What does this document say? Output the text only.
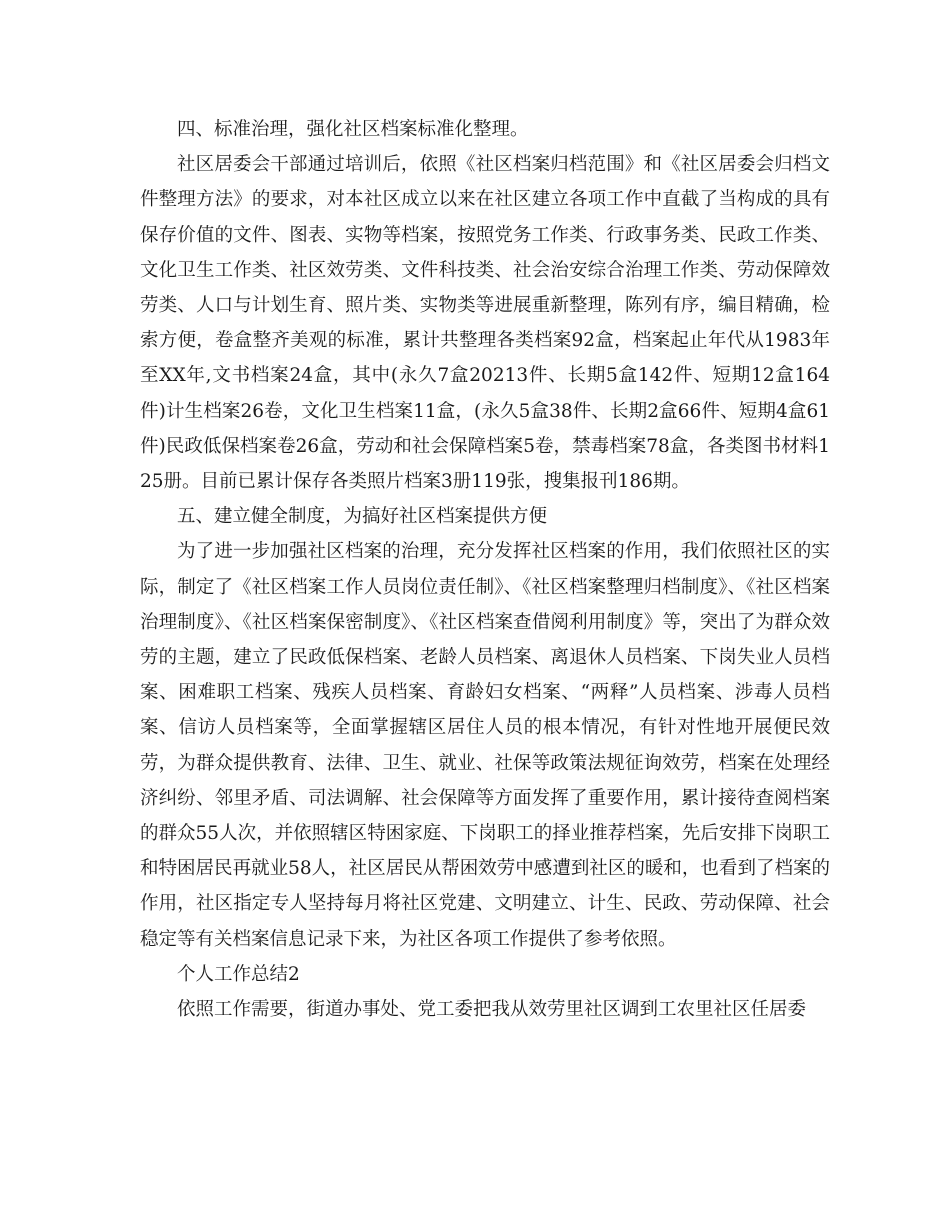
四、标准治理，强化社区档案标准化整理。

社区居委会干部通过培训后，依照《社区档案归档范围》和《社区居委会归档文件整理方法》的要求，对本社区成立以来在社区建立各项工作中直截了当构成的具有保存价值的文件、图表、实物等档案，按照党务工作类、行政事务类、民政工作类、文化卫生工作类、社区效劳类、文件科技类、社会治安综合治理工作类、劳动保障效劳类、人口与计划生育、照片类、实物类等进展重新整理，陈列有序，编目精确，检索方便，卷盒整齐美观的标准，累计共整理各类档案92盒，档案起止年代从1983年至XX年,文书档案24盒，其中(永久7盒20213件、长期5盒142件、短期12盒164件)计生档案26卷，文化卫生档案11盒，(永久5盒38件、长期2盒66件、短期4盒61件)民政低保档案卷26盒，劳动和社会保障档案5卷，禁毒档案78盒，各类图书材料125册。目前已累计保存各类照片档案3册119张，搜集报刊186期。

五、建立健全制度，为搞好社区档案提供方便

为了进一步加强社区档案的治理，充分发挥社区档案的作用，我们依照社区的实际，制定了《社区档案工作人员岗位责任制》、《社区档案整理归档制度》、《社区档案治理制度》、《社区档案保密制度》、《社区档案查借阅利用制度》等，突出了为群众效劳的主题，建立了民政低保档案、老龄人员档案、离退休人员档案、下岗失业人员档案、困难职工档案、残疾人员档案、育龄妇女档案、“两释”人员档案、涉毒人员档案、信访人员档案等，全面掌握辖区居住人员的根本情况，有针对性地开展便民效劳，为群众提供教育、法律、卫生、就业、社保等政策法规征询效劳，档案在处理经济纠纷、邻里矛盾、司法调解、社会保障等方面发挥了重要作用，累计接待查阅档案的群众55人次，并依照辖区特困家庭、下岗职工的择业推荐档案，先后安排下岗职工和特困居民再就业58人，社区居民从帮困效劳中感遭到社区的暖和，也看到了档案的作用，社区指定专人坚持每月将社区党建、文明建立、计生、民政、劳动保障、社会稳定等有关档案信息记录下来，为社区各项工作提供了参考依照。

个人工作总结2

依照工作需要，街道办事处、党工委把我从效劳里社区调到工农里社区任居委
